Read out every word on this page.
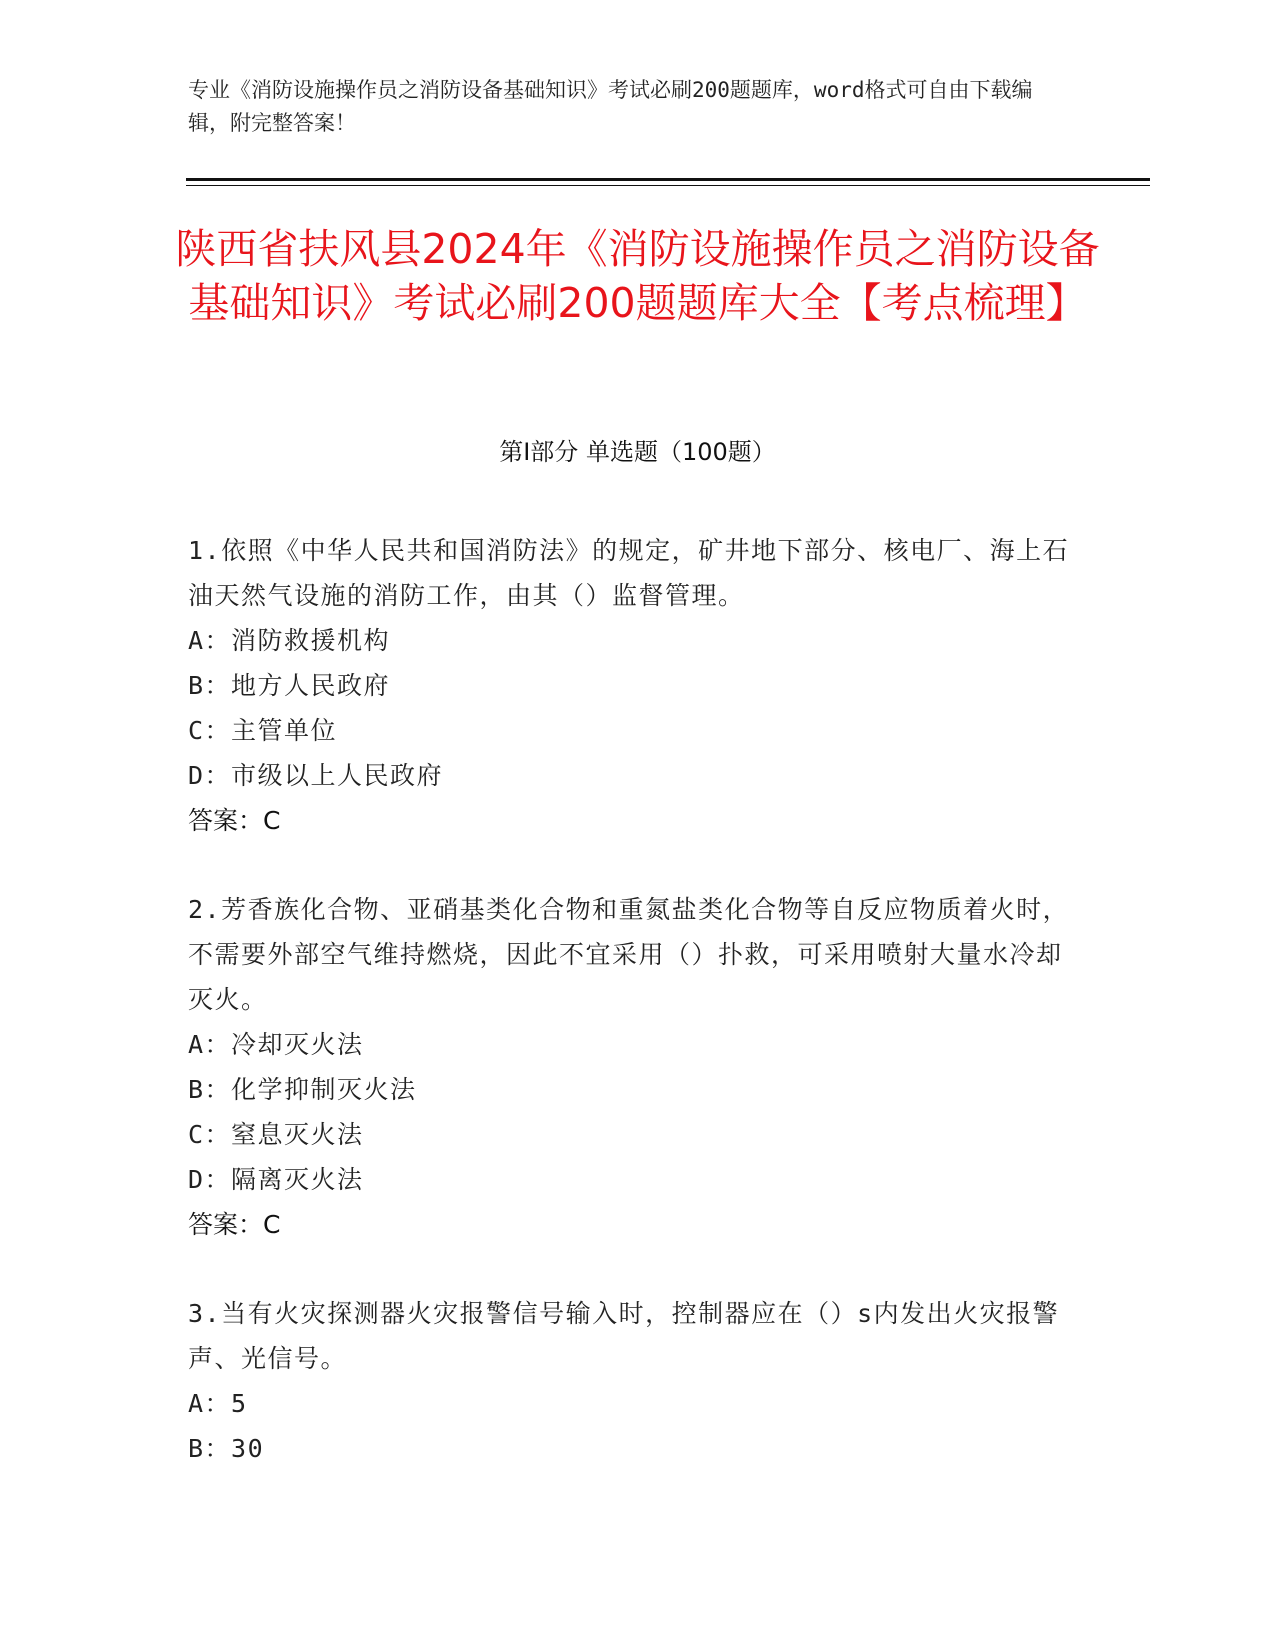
专业《消防设施操作员之消防设备基础知识》考试必刷200题题库，word格式可自由下载编辑，附完整答案！
陕西省扶风县2024年《消防设施操作员之消防设备基础知识》考试必刷200题题库大全【考点梳理】
第Ⅰ部分 单选题（100题）
1.依照《中华人民共和国消防法》的规定，矿井地下部分、核电厂、海上石油天然气设施的消防工作，由其（）监督管理。
A：消防救援机构
B：地方人民政府
C：主管单位
D：市级以上人民政府
答案：C
2.芳香族化合物、亚硝基类化合物和重氮盐类化合物等自反应物质着火时，不需要外部空气维持燃烧，因此不宜采用（）扑救，可采用喷射大量水冷却灭火。
A：冷却灭火法
B：化学抑制灭火法
C：窒息灭火法
D：隔离灭火法
答案：C
3.当有火灾探测器火灾报警信号输入时，控制器应在（）s内发出火灾报警声、光信号。
A：5
B：30
